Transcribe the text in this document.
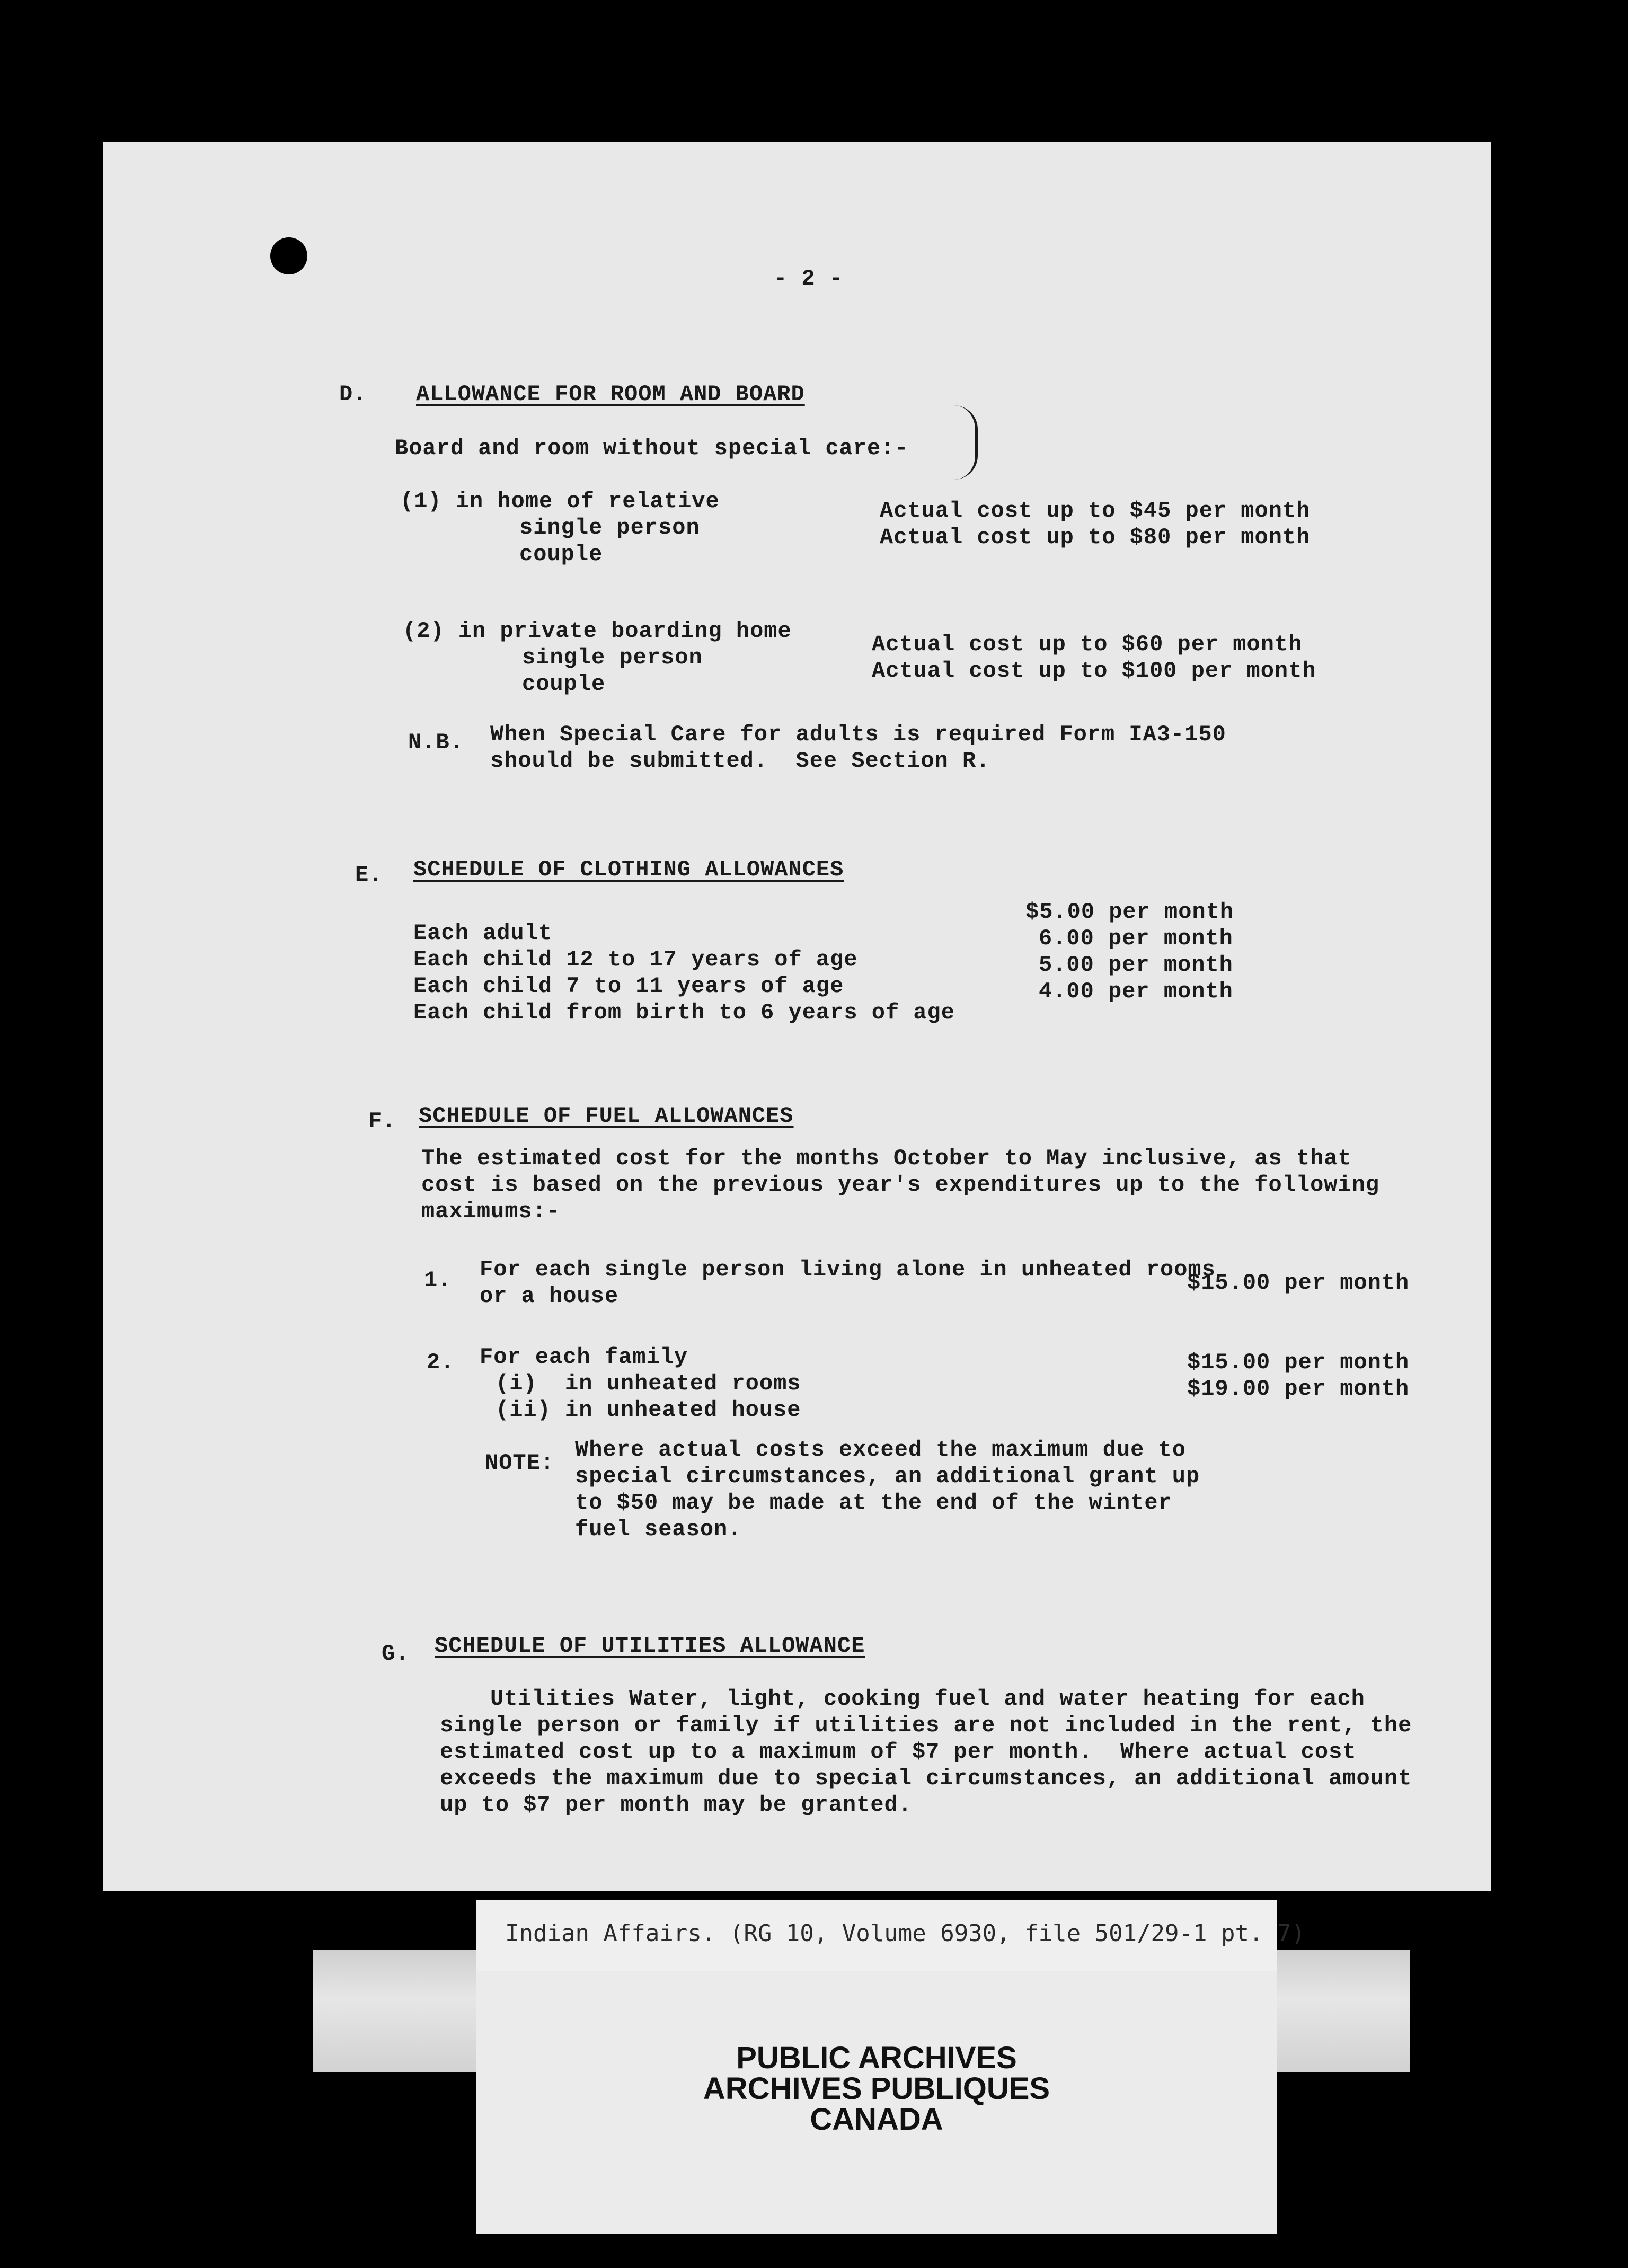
- 2 -
D. ALLOWANCE FOR ROOM AND BOARD
Board and room without special care:-
(1) in home of relative
single person
couple
Actual cost up to $45 per month
Actual cost up to $80 per month
(2) in private boarding home
single person
couple
Actual cost up to $60 per month
Actual cost up to $100 per month
N.B. When Special Care for adults is required Form IA3-150
should be submitted.  See Section R.
E. SCHEDULE OF CLOTHING ALLOWANCES
Each adult
Each child 12 to 17 years of age
Each child 7 to 11 years of age
Each child from birth to 6 years of age
$5.00 per month
6.00 per month
5.00 per month
4.00 per month
F. SCHEDULE OF FUEL ALLOWANCES
The estimated cost for the months October to May inclusive, as that
cost is based on the previous year's expenditures up to the following
maximums:-
1. For each single person living alone in unheated rooms
or a house
$15.00 per month
2. For each family
(i)  in unheated rooms
(ii) in unheated house
$15.00 per month
$19.00 per month
NOTE:
Where actual costs exceed the maximum due to
special circumstances, an additional grant up
to $50 may be made at the end of the winter
fuel season.
G. SCHEDULE OF UTILITIES ALLOWANCE
Utilities Water, light, cooking fuel and water heating for each
single person or family if utilities are not included in the rent, the
estimated cost up to a maximum of $7 per month.  Where actual cost
exceeds the maximum due to special circumstances, an additional amount
up to $7 per month may be granted.
PUBLIC ARCHIVES
ARCHIVES PUBLIQUES
CANADA
Indian Affairs. (RG 10, Volume 6930, file 501/29-1 pt. 7)
